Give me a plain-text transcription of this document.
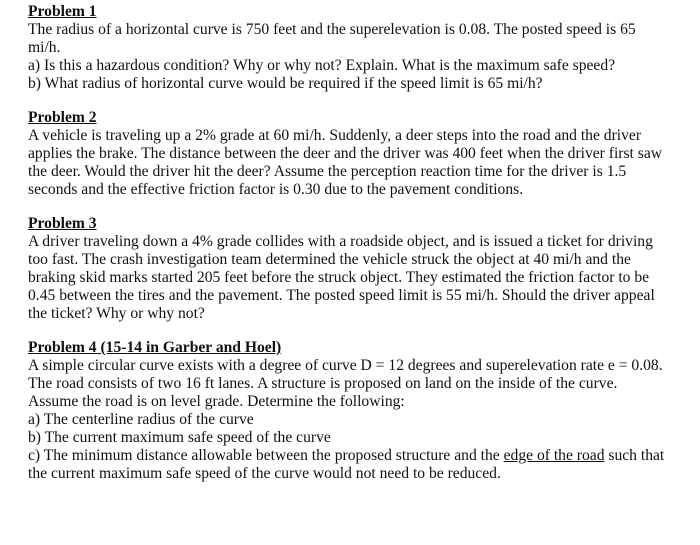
Problem 1

The radius of a horizontal curve is 750 feet and the superelevation is 0.08. The posted speed is 65 mi/h.

a) Is this a hazardous condition? Why or why not? Explain. What is the maximum safe speed?
b) What radius of horizontal curve would be required if the speed limit is 65 mi/h?
Problem 2

A vehicle is traveling up a 2% grade at 60 mi/h. Suddenly, a deer steps into the road and the driver applies the brake. The distance between the deer and the driver was 400 feet when the driver first saw the deer. Would the driver hit the deer? Assume the perception reaction time for the driver is 1.5 seconds and the effective friction factor is 0.30 due to the pavement conditions.

Problem 3

A driver traveling down a 4% grade collides with a roadside object, and is issued a ticket for driving too fast. The crash investigation team determined the vehicle struck the object at 40 mi/h and the braking skid marks started 205 feet before the struck object. They estimated the friction factor to be 0.45 between the tires and the pavement. The posted speed limit is 55 mi/h. Should the driver appeal the ticket? Why or why not?

Problem 4 (15-14 in Garber and Hoel)

A simple circular curve exists with a degree of curve D = 12 degrees and superelevation rate e = 0.08. The road consists of two 16 ft lanes. A structure is proposed on land on the inside of the curve. Assume the road is on level grade. Determine the following:

a) The centerline radius of the curve
b) The current maximum safe speed of the curve
c) The minimum distance allowable between the proposed structure and the edge of the road such that the current maximum safe speed of the curve would not need to be reduced.
